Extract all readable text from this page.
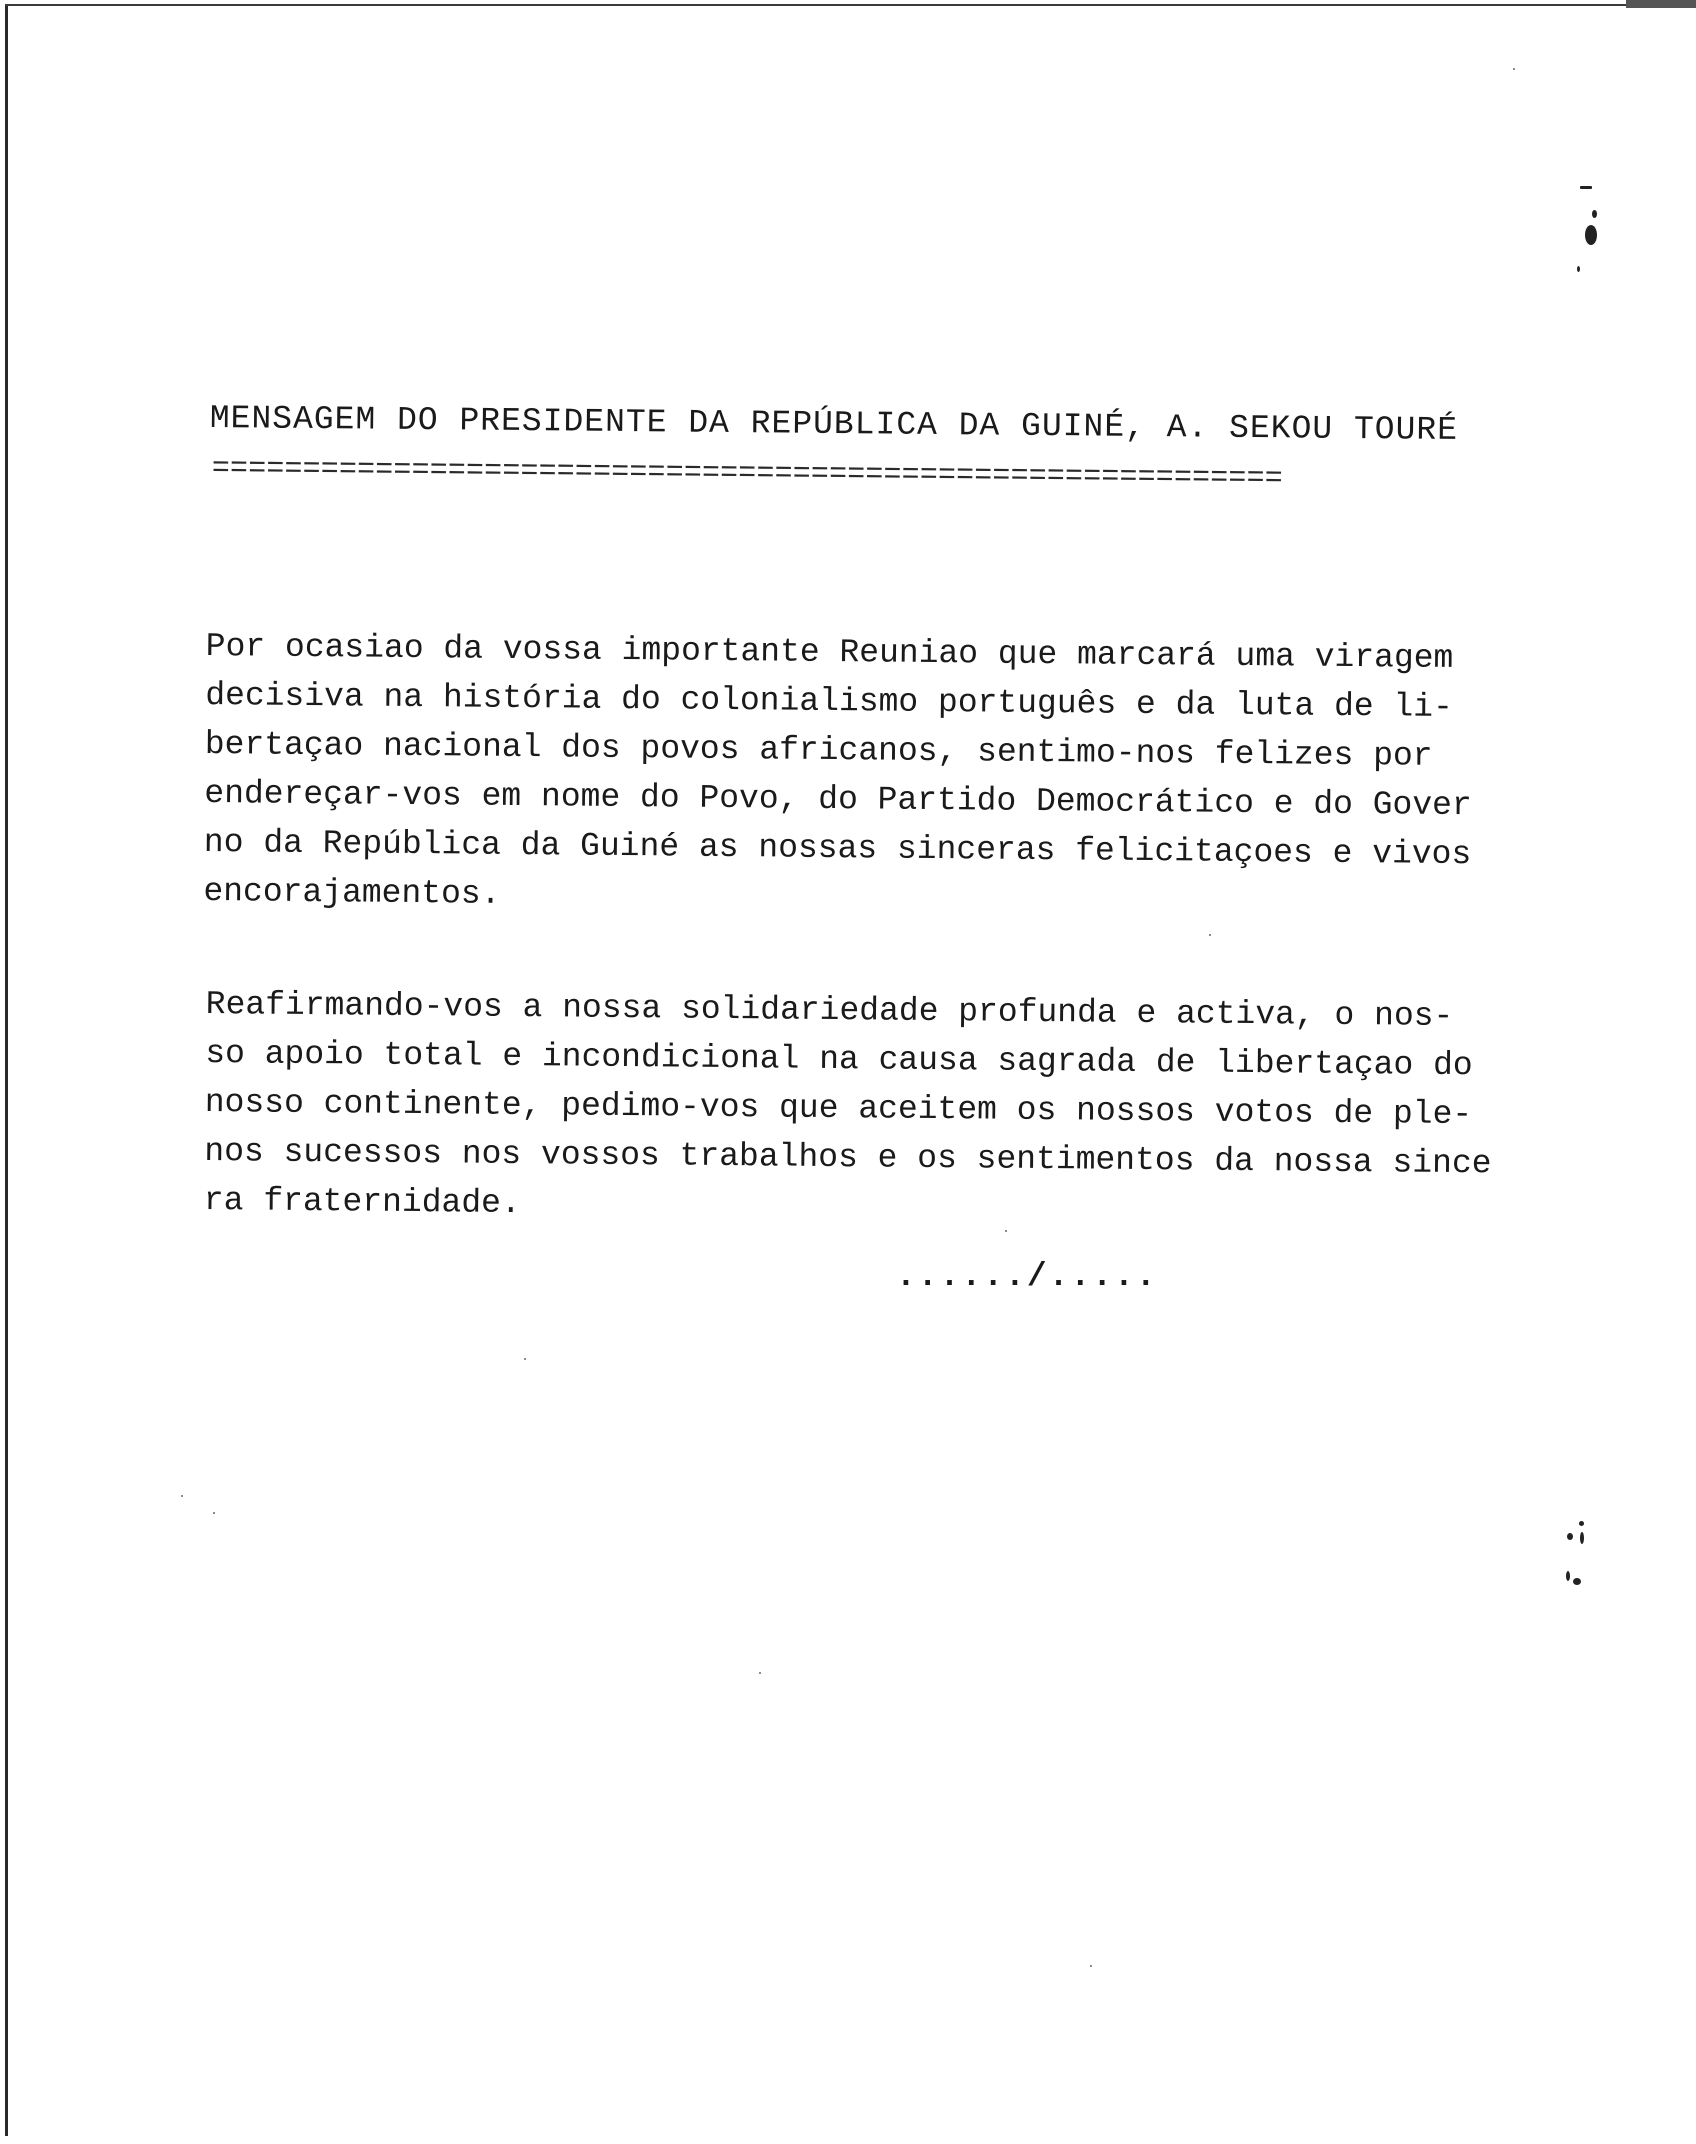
MENSAGEM DO PRESIDENTE DA REPÚBLICA DA GUINÉ, A. SEKOU TOURÉ
===========================================================
Por ocasiao da vossa importante Reuniao que marcará uma viragem
decisiva na história do colonialismo português e da luta de li-
bertaçao nacional dos povos africanos, sentimo-nos felizes por
endereçar-vos em nome do Povo, do Partido Democrático e do Gover
no da República da Guiné as nossas sinceras felicitaçoes e vivos
encorajamentos.
Reafirmando-vos a nossa solidariedade profunda e activa, o nos-
so apoio total e incondicional na causa sagrada de libertaçao do
nosso continente, pedimo-vos que aceitem os nossos votos de ple-
nos sucessos nos vossos trabalhos e os sentimentos da nossa since
ra fraternidade.
....../.....
